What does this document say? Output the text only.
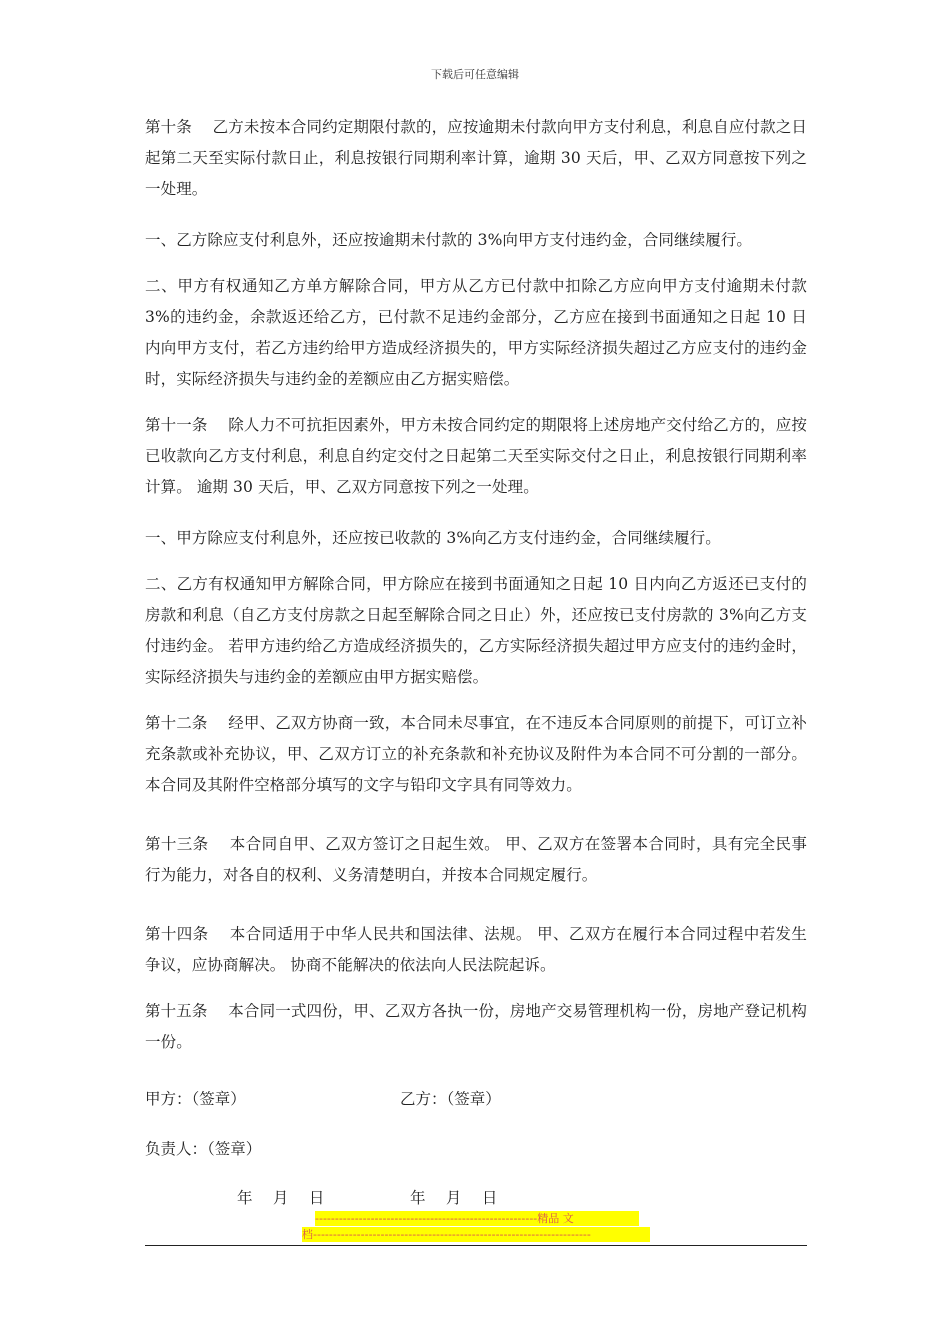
下载后可任意编辑

第十条　 乙方未按本合同约定期限付款的，应按逾期未付款向甲方支付利息，利息自应付款之日起第二天至实际付款日止，利息按银行同期利率计算，逾期 30 天后，甲、乙双方同意按下列之一处理。

一、乙方除应支付利息外，还应按逾期未付款的 3%向甲方支付违约金，合同继续履行。

二、甲方有权通知乙方单方解除合同，甲方从乙方已付款中扣除乙方应向甲方支付逾期未付款 3%的违约金，余款返还给乙方，已付款不足违约金部分，乙方应在接到书面通知之日起 10 日内向甲方支付，若乙方违约给甲方造成经济损失的，甲方实际经济损失超过乙方应支付的违约金时，实际经济损失与违约金的差额应由乙方据实赔偿。

第十一条　 除人力不可抗拒因素外，甲方未按合同约定的期限将上述房地产交付给乙方的，应按已收款向乙方支付利息，利息自约定交付之日起第二天至实际交付之日止，利息按银行同期利率计算。 逾期 30 天后，甲、乙双方同意按下列之一处理。

一、甲方除应支付利息外，还应按已收款的 3%向乙方支付违约金，合同继续履行。

二、乙方有权通知甲方解除合同，甲方除应在接到书面通知之日起 10 日内向乙方返还已支付的房款和利息（自乙方支付房款之日起至解除合同之日止）外，还应按已支付房款的 3%向乙方支付违约金。 若甲方违约给乙方造成经济损失的，乙方实际经济损失超过甲方应支付的违约金时，实际经济损失与违约金的差额应由甲方据实赔偿。

第十二条　 经甲、乙双方协商一致，本合同未尽事宜，在不违反本合同原则的前提下，可订立补充条款或补充协议，甲、乙双方订立的补充条款和补充协议及附件为本合同不可分割的一部分。 本合同及其附件空格部分填写的文字与铅印文字具有同等效力。

第十三条　 本合同自甲、乙双方签订之日起生效。 甲、乙双方在签署本合同时，具有完全民事行为能力，对各自的权利、义务清楚明白，并按本合同规定履行。

第十四条　 本合同适用于中华人民共和国法律、法规。 甲、乙双方在履行本合同过程中若发生争议，应协商解决。 协商不能解决的依法向人民法院起诉。

第十五条　 本合同一式四份，甲、乙双方各执一份，房地产交易管理机构一份，房地产登记机构一份。

甲方：（签章）	乙方：（签章）
负责人：（签章）
年　 月　 日	年　 月　 日
--------------------------------------------------------精品 文
档----------------------------------------------------------------------
